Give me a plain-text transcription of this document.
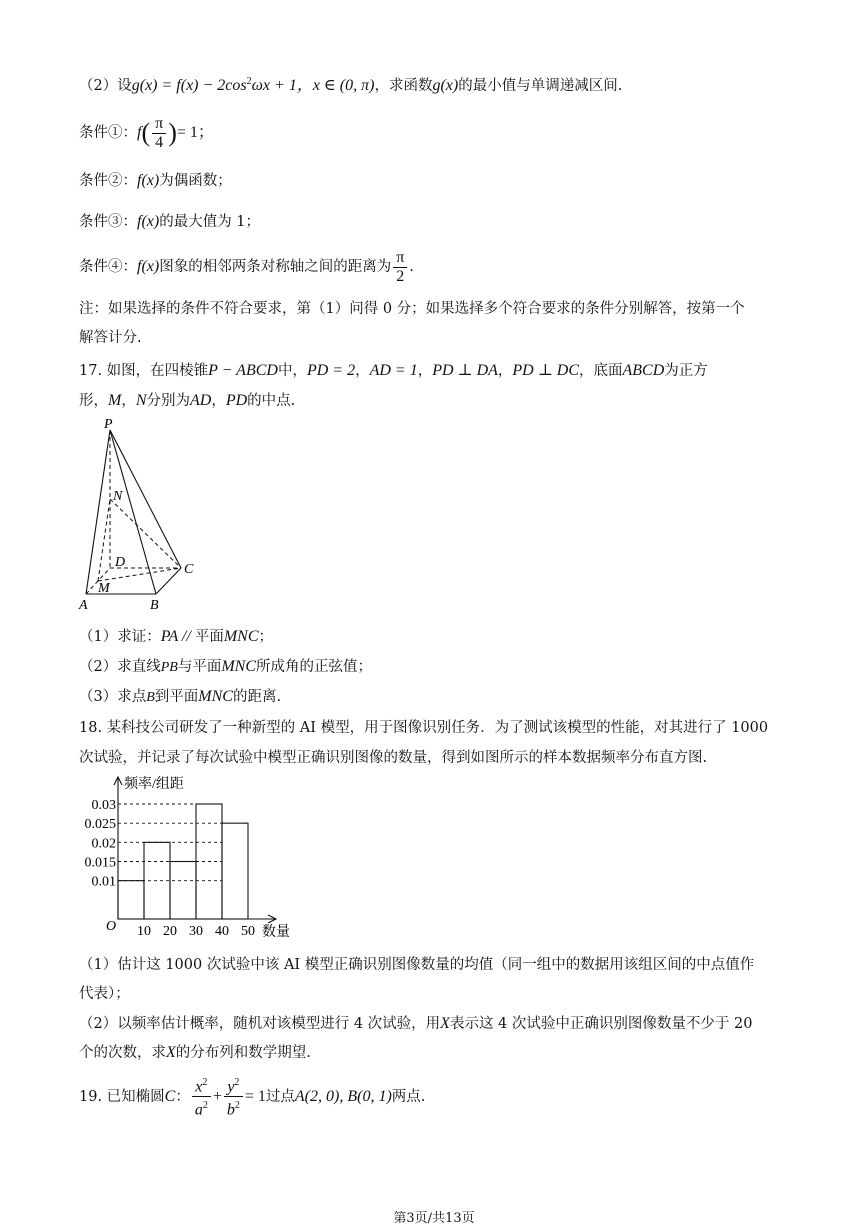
（2）设$g(x) = f(x) - 2\cos^2\omega x + 1$，x ∈ (0, π)，求函数g(x)的最小值与单调递减区间.
条件①：$f( \frac{\pi}{4}$ )= 1；
条件②：f(x)为偶函数；
条件③：f(x)的最大值为 1；
条件④：f(x)图象的相邻两条对称轴之间的距离为 $\frac{\pi}{2}$ .
注：如果选择的条件不符合要求，第（1）问得 0 分；如果选择多个符合要求的条件分别解答，按第一个
解答计分.
17. 如图，在四棱锥P − ABCD中，PD = 2，AD = 1，PD ⊥ DA，PD ⊥ DC，底面ABCD为正方
形，M，N分别为AD，PD的中点.
P
N
D	C
M
A	B
（1）求证：PA // 平面MNC；
（2）求直线PB与平面MNC所成角的正弦值；
（3）求点B到平面MNC的距离.
18. 某科技公司研发了一种新型的 AI 模型，用于图像识别任务．为了测试该模型的性能，对其进行了 1000
次试验，并记录了每次试验中模型正确识别图像的数量，得到如图所示的样本数据频率分布直方图.
0.01
0.015
0.02
0.025
0.03
10 20 30 40 50
频率/组距
数量
O
（1）估计这 1000 次试验中该 AI 模型正确识别图像数量的均值（同一组中的数据用该组区间的中点值作
代表）；
（2）以频率估计概率，随机对该模型进行 4 次试验，用X表示这 4 次试验中正确识别图像数量不少于 20
个的次数，求X的分布列和数学期望.
19. 已知椭圆C： $\frac{x^2}{a^2} + \frac{y^2}{b^2} = 1$过点A(2, 0), B(0, 1)两点.
第3页/共13页
